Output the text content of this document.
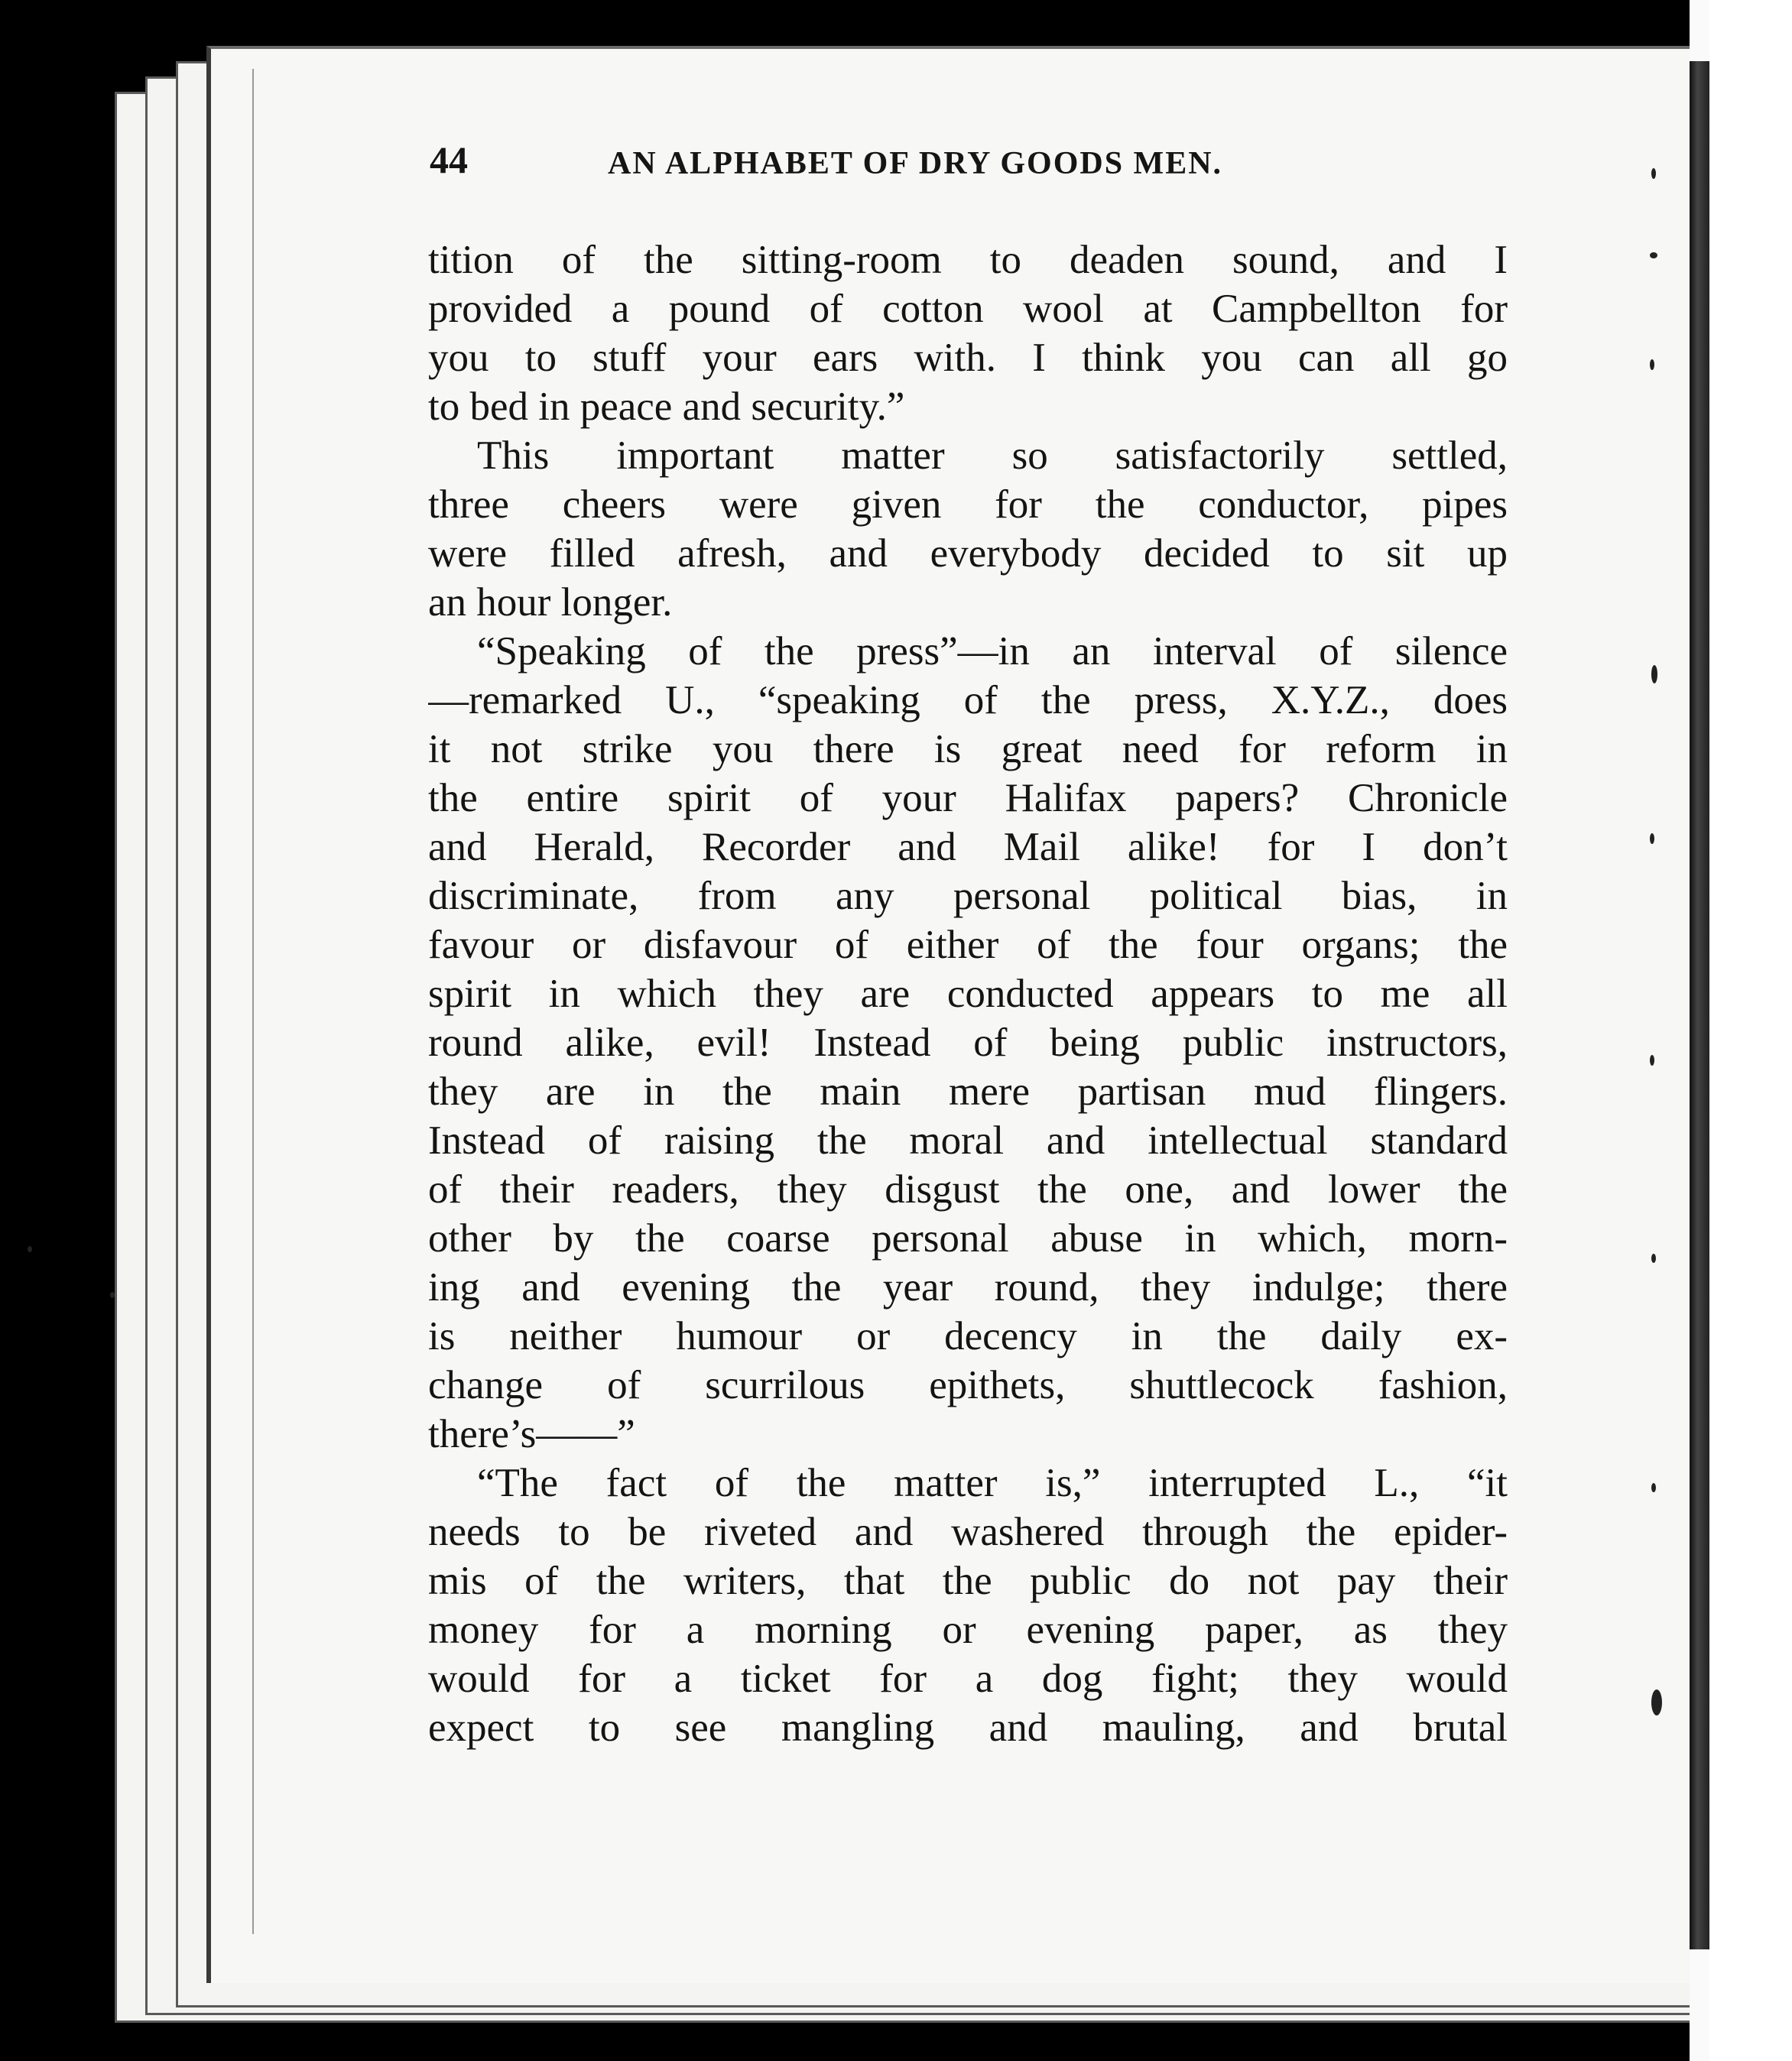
44	AN ALPHABET OF DRY GOODS MEN.
tition of the sitting-room to deaden sound, and I
provided a pound of cotton wool at Campbellton for
you to stuff your ears with. I think you can all go
to bed in peace and security.”
This important matter so satisfactorily settled,
three cheers were given for the conductor, pipes
were filled afresh, and everybody decided to sit up
an hour longer.
“Speaking of the press”—in an interval of silence
—remarked U., “speaking of the press, X.Y.Z., does
it not strike you there is great need for reform in
the entire spirit of your Halifax papers? Chronicle
and Herald, Recorder and Mail alike! for I don’t
discriminate, from any personal political bias, in
favour or disfavour of either of the four organs; the
spirit in which they are conducted appears to me all
round alike, evil! Instead of being public instructors,
they are in the main mere partisan mud flingers.
Instead of raising the moral and intellectual standard
of their readers, they disgust the one, and lower the
other by the coarse personal abuse in which, morn-
ing and evening the year round, they indulge; there
is neither humour or decency in the daily ex-
change of scurrilous epithets, shuttlecock fashion,
there’s——”
“The fact of the matter is,” interrupted L., “it
needs to be riveted and washered through the epider-
mis of the writers, that the public do not pay their
money for a morning or evening paper, as they
would for a ticket for a dog fight; they would
expect to see mangling and mauling, and brutal
